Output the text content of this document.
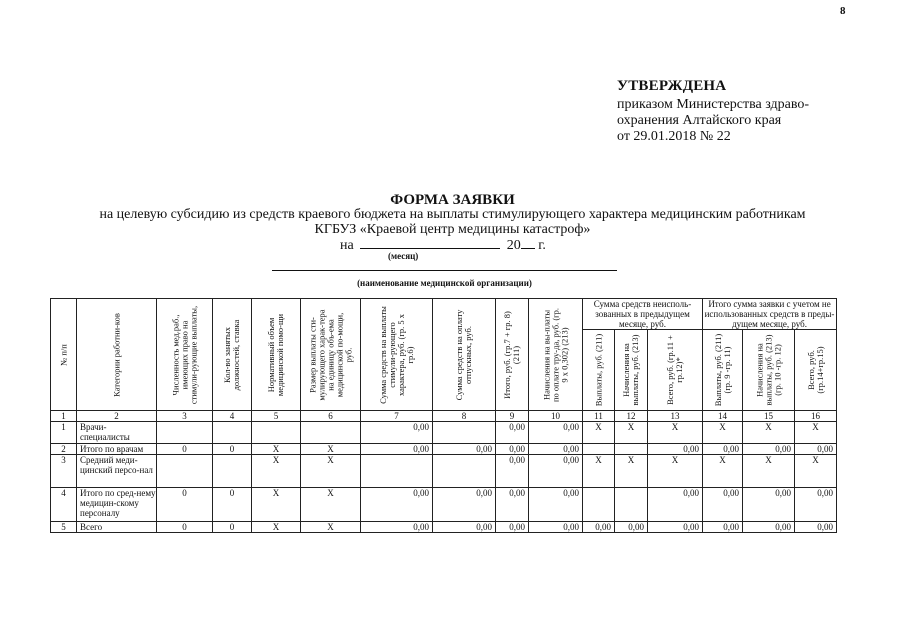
8
УТВЕРЖДЕНА
приказом Министерства здраво-
охранения Алтайского края
от 29.01.2018 № 22
ФОРМА ЗАЯВКИ
на целевую субсидию из средств краевого бюджета на выплаты стимулирующего характера медицинским работникам
КГБУЗ «Краевой центр медицины катастроф»
на	20 г.
(месяц)
(наименование медицинской организации)
№ п/п	Категории работни-ков	Численность мед.раб., имеющих право на стимули-рующие выплаты,	Кол-во занятых должностей, ставка	Нормативный объем медицинской помо-щи	Размер выплаты сти-мулирующего харак-тера на единицу объ-ема медицинской по-мощи, руб.	Сумма средств на выплаты стимули-рующего характера, руб. (гр. 5 х гр.6)	Сумма средств на оплату отпускных, руб.	Итого, руб. (гр.7 + гр. 8) (211)	Начисления на вы-платы по оплате тру-да, руб. (гр. 9 х 0,302) (213)	Сумма средств неисполь-зованных в предыдущем месяце, руб.			Итого сумма заявки с учетом не использованных средств в преды-дущем месяце, руб.		

										Выплаты, руб. (211)	Начисления на выплаты, руб. (213)	Всего, руб. (гр.11 + гр.12)*	Выплаты, руб. (211) (гр. 9 -гр. 11)	Начисления на выплаты, руб. (213) (гр. 10 -гр. 12)	Всего, руб. (гр.14+гр.15)

1	2	3	4	5	6	7	8	9	10	11	12	13	14	15	16
1	Врачи-специалисты					0,00		0,00	0,00	X	X	X	X	X	X
2	Итого по врачам	0	0	X	X	0,00	0,00	0,00	0,00			0,00	0,00	0,00	0,00
3	Средний меди-цинский персо-нал			X	X			0,00	0,00	X	X	X	X	X	X
4	Итого по сред-нему медицин-скому персоналу	0	0	X	X	0,00	0,00	0,00	0,00			0,00	0,00	0,00	0,00
5	Всего	0	0	X	X	0,00	0,00	0,00	0,00	0,00	0,00	0,00	0,00	0,00	0,00
